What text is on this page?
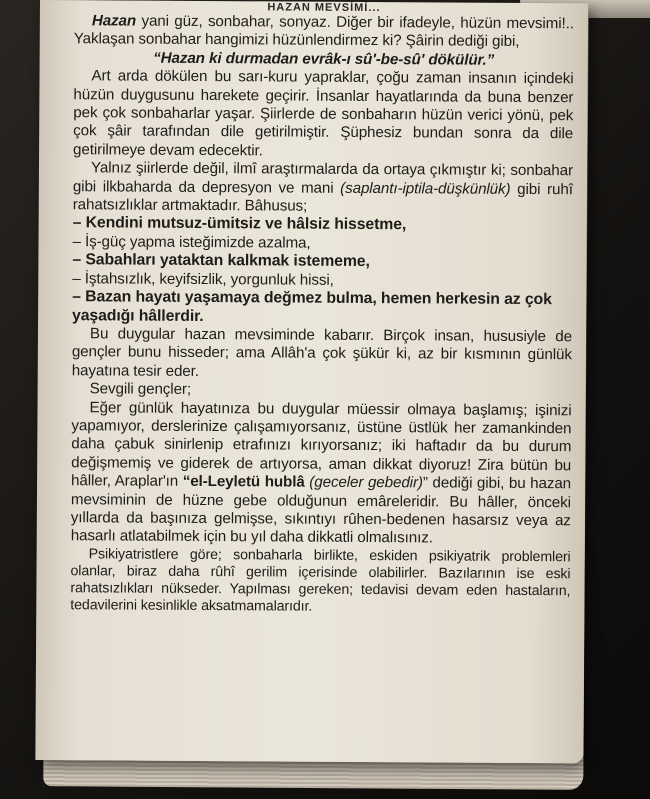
HAZAN MEVSİMİ...

Hazan yani güz, sonbahar, sonyaz. Diğer bir ifadeyle, hüzün mevsimi!.. Yaklaşan sonbahar hangimizi hüzünlendirmez ki? Şâirin dediği gibi,

“Hazan ki durmadan evrâk-ı sû'-be-sû' dökülür.”

Art arda dökülen bu sarı-kuru yapraklar, çoğu zaman insanın içindeki hüzün duygusunu harekete geçirir. İnsanlar hayatlarında da buna benzer pek çok sonbaharlar yaşar. Şiirlerde de sonbaharın hüzün verici yönü, pek çok şâir tarafından dile getirilmiştir. Şüphesiz bundan sonra da dile getirilmeye devam edecektir.

Yalnız şiirlerde değil, ilmî araştırmalarda da ortaya çıkmıştır ki; sonbahar gibi ilkbaharda da depresyon ve mani (saplantı-iptila-düşkünlük) gibi ruhî rahatsızlıklar artmaktadır. Bâhusus;

– Kendini mutsuz-ümitsiz ve hâlsiz hissetme,
– İş-güç yapma isteğimizde azalma,
– Sabahları yataktan kalkmak istememe,
– İştahsızlık, keyifsizlik, yorgunluk hissi,
– Bazan hayatı yaşamaya değmez bulma, hemen herkesin az çok yaşadığı hâllerdir.

Bu duygular hazan mevsiminde kabarır. Birçok insan, hususiyle de gençler bunu hisseder; ama Allâh'a çok şükür ki, az bir kısmının günlük hayatına tesir eder.

Sevgili gençler;

Eğer günlük hayatınıza bu duygular müessir olmaya başlamış; işinizi yapamıyor, derslerinize çalışamıyorsanız, üstüne üstlük her zamankinden daha çabuk sinirlenip etrafınızı kırıyorsanız; iki haftadır da bu durum değişmemiş ve giderek de artıyorsa, aman dikkat diyoruz! Zira bütün bu hâller, Araplar'ın “el-Leyletü hublâ (geceler gebedir)” dediği gibi, bu hazan mevsiminin de hüzne gebe olduğunun emâreleridir. Bu hâller, önceki yıllarda da başınıza gelmişse, sıkıntıyı rûhen-bedenen hasarsız veya az hasarlı atlatabilmek için bu yıl daha dikkatli olmalısınız.

Psikiyatristlere göre; sonbaharla birlikte, eskiden psikiyatrik problemleri olanlar, biraz daha rûhî gerilim içerisinde olabilirler. Bazılarının ise eski rahatsızlıkları nükseder. Yapılması gereken; tedavisi devam eden hastaların, tedavilerini kesinlikle aksatmamalarıdır.
